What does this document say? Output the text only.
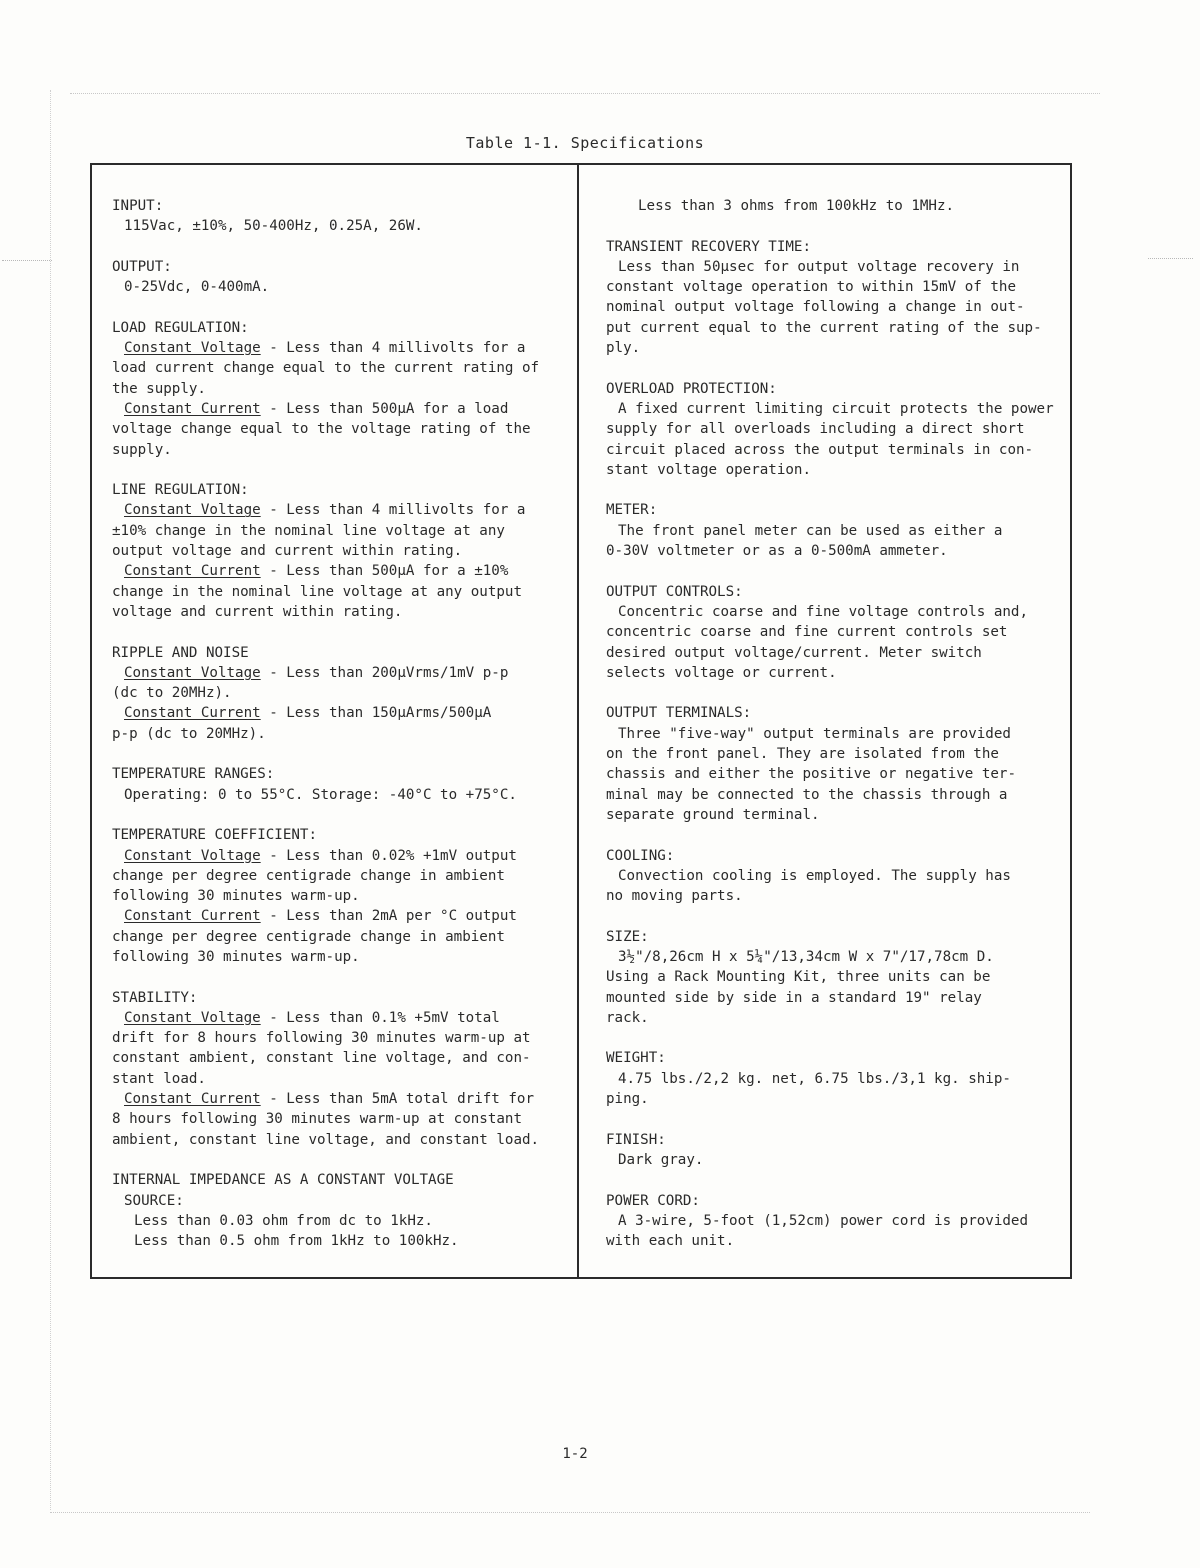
Table 1-1. Specifications
INPUT:
115Vac, ±10%, 50-400Hz, 0.25A, 26W.
OUTPUT:
0-25Vdc, 0-400mA.
LOAD REGULATION:
Constant Voltage - Less than 4 millivolts for a
load current change equal to the current rating of
the supply.
Constant Current - Less than 500µA for a load
voltage change equal to the voltage rating of the
supply.
LINE REGULATION:
Constant Voltage - Less than 4 millivolts for a
±10% change in the nominal line voltage at any
output voltage and current within rating.
Constant Current - Less than 500µA for a ±10%
change in the nominal line voltage at any output
voltage and current within rating.
RIPPLE AND NOISE
Constant Voltage - Less than 200µVrms/1mV p-p
(dc to 20MHz).
Constant Current - Less than 150µArms/500µA
p-p (dc to 20MHz).
TEMPERATURE RANGES:
Operating: 0 to 55°C. Storage: -40°C to +75°C.
TEMPERATURE COEFFICIENT:
Constant Voltage - Less than 0.02% +1mV output
change per degree centigrade change in ambient
following 30 minutes warm-up.
Constant Current - Less than 2mA per °C output
change per degree centigrade change in ambient
following 30 minutes warm-up.
STABILITY:
Constant Voltage - Less than 0.1% +5mV total
drift for 8 hours following 30 minutes warm-up at
constant ambient, constant line voltage, and con-
stant load.
Constant Current - Less than 5mA total drift for
8 hours following 30 minutes warm-up at constant
ambient, constant line voltage, and constant load.
INTERNAL IMPEDANCE AS A CONSTANT VOLTAGE
SOURCE:
Less than 0.03 ohm from dc to 1kHz.
Less than 0.5 ohm from 1kHz to 100kHz.
Less than 3 ohms from 100kHz to 1MHz.
TRANSIENT RECOVERY TIME:
Less than 50µsec for output voltage recovery in
constant voltage operation to within 15mV of the
nominal output voltage following a change in out-
put current equal to the current rating of the sup-
ply.
OVERLOAD PROTECTION:
A fixed current limiting circuit protects the power
supply for all overloads including a direct short
circuit placed across the output terminals in con-
stant voltage operation.
METER:
The front panel meter can be used as either a
0-30V voltmeter or as a 0-500mA ammeter.
OUTPUT CONTROLS:
Concentric coarse and fine voltage controls and,
concentric coarse and fine current controls set
desired output voltage/current. Meter switch
selects voltage or current.
OUTPUT TERMINALS:
Three "five-way" output terminals are provided
on the front panel. They are isolated from the
chassis and either the positive or negative ter-
minal may be connected to the chassis through a
separate ground terminal.
COOLING:
Convection cooling is employed. The supply has
no moving parts.
SIZE:
3½"/8,26cm H x 5¼"/13,34cm W x 7"/17,78cm D.
Using a Rack Mounting Kit, three units can be
mounted side by side in a standard 19" relay
rack.
WEIGHT:
4.75 lbs./2,2 kg. net, 6.75 lbs./3,1 kg. ship-
ping.
FINISH:
Dark gray.
POWER CORD:
A 3-wire, 5-foot (1,52cm) power cord is provided
with each unit.
1-2
